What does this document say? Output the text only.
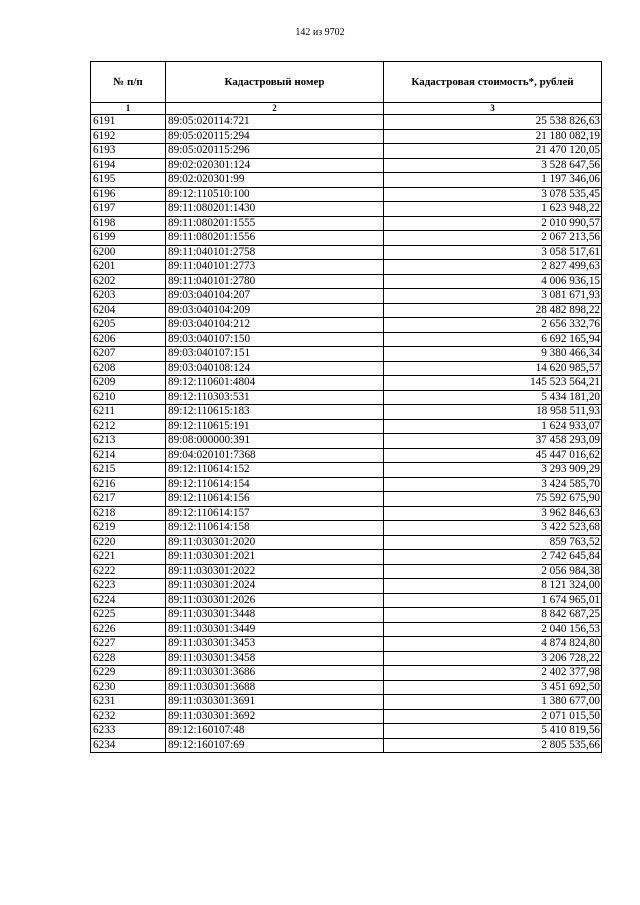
142 из 9702
№ п/п	Кадастровый номер	Кадастровая стоимость*, рублей
1	2	3
6191	89:05:020114:721	25 538 826,63
6192	89:05:020115:294	21 180 082,19
6193	89:05:020115:296	21 470 120,05
6194	89:02:020301:124	3 528 647,56
6195	89:02:020301:99	1 197 346,06
6196	89:12:110510:100	3 078 535,45
6197	89:11:080201:1430	1 623 948,22
6198	89:11:080201:1555	2 010 990,57
6199	89:11:080201:1556	2 067 213,56
6200	89:11:040101:2758	3 058 517,61
6201	89:11:040101:2773	2 827 499,63
6202	89:11:040101:2780	4 006 936,15
6203	89:03:040104:207	3 081 671,93
6204	89:03:040104:209	28 482 898,22
6205	89:03:040104:212	2 656 332,76
6206	89:03:040107:150	6 692 165,94
6207	89:03:040107:151	9 380 466,34
6208	89:03:040108:124	14 620 985,57
6209	89:12:110601:4804	145 523 564,21
6210	89:12:110303:531	5 434 181,20
6211	89:12:110615:183	18 958 511,93
6212	89:12:110615:191	1 624 933,07
6213	89:08:000000:391	37 458 293,09
6214	89:04:020101:7368	45 447 016,62
6215	89:12:110614:152	3 293 909,29
6216	89:12:110614:154	3 424 585,70
6217	89:12:110614:156	75 592 675,90
6218	89:12:110614:157	3 962 846,63
6219	89:12:110614:158	3 422 523,68
6220	89:11:030301:2020	859 763,52
6221	89:11:030301:2021	2 742 645,84
6222	89:11:030301:2022	2 056 984,38
6223	89:11:030301:2024	8 121 324,00
6224	89:11:030301:2026	1 674 965,01
6225	89:11:030301:3448	8 842 687,25
6226	89:11:030301:3449	2 040 156,53
6227	89:11:030301:3453	4 874 824,80
6228	89:11:030301:3458	3 206 728,22
6229	89:11:030301:3686	2 402 377,98
6230	89:11:030301:3688	3 451 692,50
6231	89:11:030301:3691	1 380 677,00
6232	89:11:030301:3692	2 071 015,50
6233	89:12:160107:48	5 410 819,56
6234	89:12:160107:69	2 805 535,66
